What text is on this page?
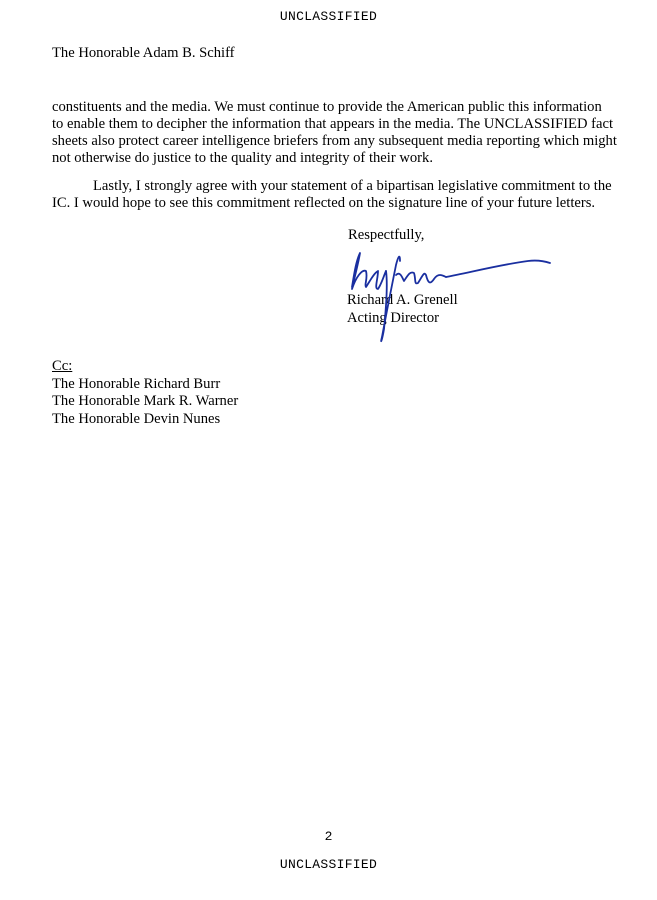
UNCLASSIFIED
The Honorable Adam B. Schiff
constituents and the media. We must continue to provide the American public this information
to enable them to decipher the information that appears in the media. The UNCLASSIFIED fact
sheets also protect career intelligence briefers from any subsequent media reporting which might
not otherwise do justice to the quality and integrity of their work.
Lastly, I strongly agree with your statement of a bipartisan legislative commitment to the
IC. I would hope to see this commitment reflected on the signature line of your future letters.
Respectfully,
Richard A. Grenell
Acting Director
Cc:
The Honorable Richard Burr
The Honorable Mark R. Warner
The Honorable Devin Nunes
2
UNCLASSIFIED
